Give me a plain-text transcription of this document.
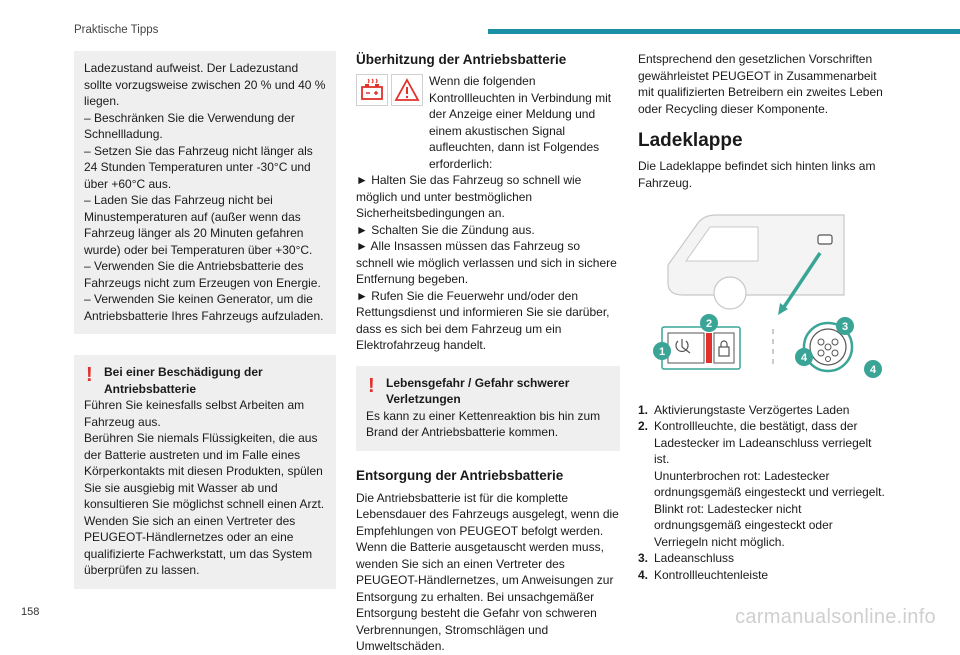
Praktische Tipps

Ladezustand aufweist. Der Ladezustand sollte vorzugsweise zwischen 20 % und 40 % liegen.

– Beschränken Sie die Verwendung der Schnellladung.

– Setzen Sie das Fahrzeug nicht länger als 24 Stunden Temperaturen unter -30°C und über +60°C aus.

– Laden Sie das Fahrzeug nicht bei Minustemperaturen auf (außer wenn das Fahrzeug länger als 20 Minuten gefahren wurde) oder bei Temperaturen über +30°C.

– Verwenden Sie die Antriebsbatterie des Fahrzeugs nicht zum Erzeugen von Energie.

– Verwenden Sie keinen Generator, um die Antriebsbatterie Ihres Fahrzeugs aufzuladen.

! Bei einer Beschädigung der Antriebsbatterie

Führen Sie keinesfalls selbst Arbeiten am Fahrzeug aus.

Berühren Sie niemals Flüssigkeiten, die aus der Batterie austreten und im Falle eines Körperkontakts mit diesen Produkten, spülen Sie sie ausgiebig mit Wasser ab und konsultieren Sie möglichst schnell einen Arzt.

Wenden Sie sich an einen Vertreter des PEUGEOT-Händlernetzes oder an eine qualifizierte Fachwerkstatt, um das System überprüfen zu lassen.

Überhitzung der Antriebsbatterie
Wenn die folgenden Kontrollleuchten in Verbindung mit der Anzeige einer Meldung und einem akustischen Signal aufleuchten, dann ist Folgendes erforderlich:

► Halten Sie das Fahrzeug so schnell wie möglich und unter bestmöglichen Sicherheitsbedingungen an.

► Schalten Sie die Zündung aus.

► Alle Insassen müssen das Fahrzeug so schnell wie möglich verlassen und sich in sichere Entfernung begeben.

► Rufen Sie die Feuerwehr und/oder den Rettungsdienst und informieren Sie sie darüber, dass es sich bei dem Fahrzeug um ein Elektrofahrzeug handelt.

! Lebensgefahr / Gefahr schwerer Verletzungen

Es kann zu einer Kettenreaktion bis hin zum Brand der Antriebsbatterie kommen.

Entsorgung der Antriebsbatterie

Die Antriebsbatterie ist für die komplette Lebensdauer des Fahrzeugs ausgelegt, wenn die Empfehlungen von PEUGEOT befolgt werden.

Wenn die Batterie ausgetauscht werden muss, wenden Sie sich an einen Vertreter des PEUGEOT-Händlernetzes, um Anweisungen zur Entsorgung zu erhalten. Bei unsachgemäßer Entsorgung besteht die Gefahr von schweren Verbrennungen, Stromschlägen und Umweltschäden.

Entsprechend den gesetzlichen Vorschriften gewährleistet PEUGEOT in Zusammenarbeit mit qualifizierten Betreibern ein zweites Leben oder Recycling dieser Komponente.

Ladeklappe

Die Ladeklappe befindet sich hinten links am Fahrzeug.

1
2	3
4
4
1. Aktivierungstaste Verzögertes Laden
2. Kontrollleuchte, die bestätigt, dass der Ladestecker im Ladeanschluss verriegelt ist.
Ununterbrochen rot: Ladestecker ordnungsgemäß eingesteckt und verriegelt.
Blinkt rot: Ladestecker nicht ordnungsgemäß eingesteckt oder Verriegeln nicht möglich.
3. Ladeanschluss
4. Kontrollleuchtenleiste
158	carmanualsonline.info
